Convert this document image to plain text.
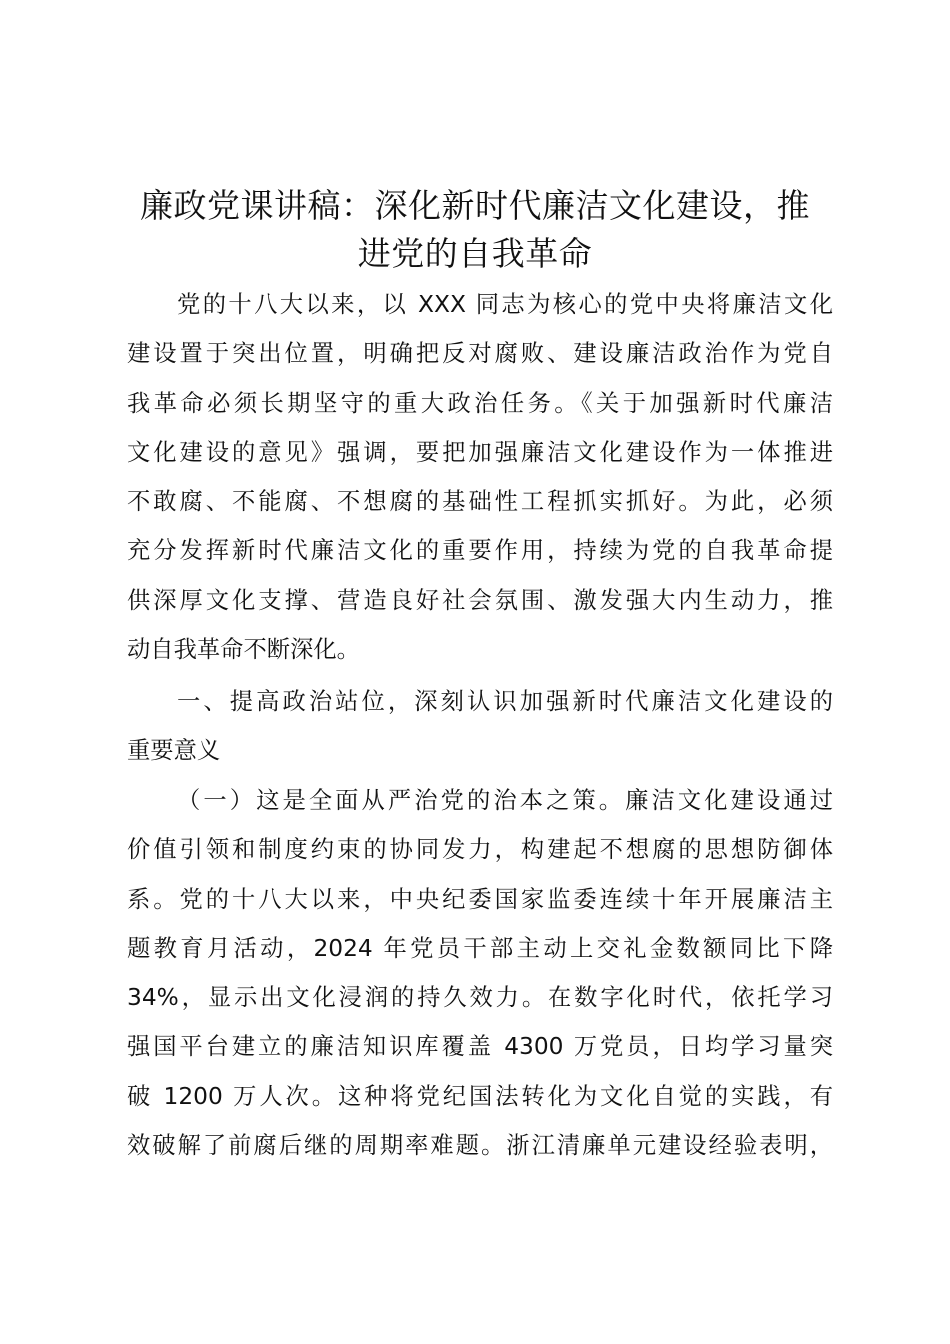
廉政党课讲稿：深化新时代廉洁文化建设，推
进党的自我革命
党的十八大以来，以 XXX 同志为核心的党中央将廉洁文化
建设置于突出位置，明确把反对腐败、建设廉洁政治作为党自
我革命必须长期坚守的重大政治任务。《关于加强新时代廉洁
文化建设的意见》强调，要把加强廉洁文化建设作为一体推进
不敢腐、不能腐、不想腐的基础性工程抓实抓好。为此，必须
充分发挥新时代廉洁文化的重要作用，持续为党的自我革命提
供深厚文化支撑、营造良好社会氛围、激发强大内生动力，推
动自我革命不断深化。
一、提高政治站位，深刻认识加强新时代廉洁文化建设的
重要意义
（一）这是全面从严治党的治本之策。廉洁文化建设通过
价值引领和制度约束的协同发力，构建起不想腐的思想防御体
系。党的十八大以来，中央纪委国家监委连续十年开展廉洁主
题教育月活动，2024 年党员干部主动上交礼金数额同比下降
34%，显示出文化浸润的持久效力。在数字化时代，依托学习
强国平台建立的廉洁知识库覆盖 4300 万党员，日均学习量突
破 1200 万人次。这种将党纪国法转化为文化自觉的实践，有
效破解了前腐后继的周期率难题。浙江清廉单元建设经验表明，
